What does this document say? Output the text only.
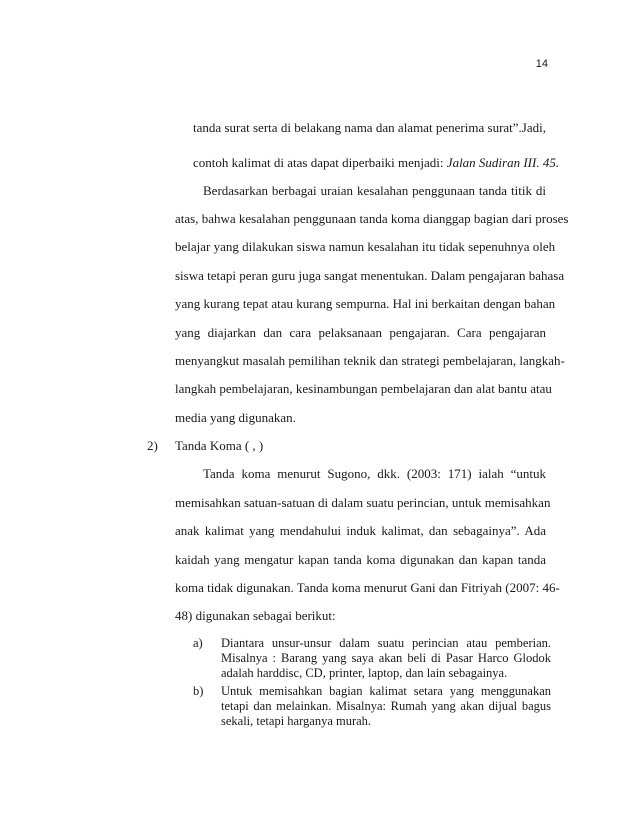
14
tanda surat serta di belakang nama dan alamat penerima surat”.Jadi,
contoh kalimat di atas dapat diperbaiki menjadi: Jalan Sudiran III. 45.
Berdasarkan berbagai uraian kesalahan penggunaan tanda titik di
atas, bahwa kesalahan penggunaan tanda koma dianggap bagian dari proses
belajar yang dilakukan siswa namun kesalahan itu tidak sepenuhnya oleh
siswa tetapi peran guru juga sangat menentukan. Dalam pengajaran bahasa
yang kurang tepat atau kurang sempurna. Hal ini berkaitan dengan bahan
yang diajarkan dan cara pelaksanaan pengajaran. Cara pengajaran
menyangkut masalah pemilihan teknik dan strategi pembelajaran, langkah-
langkah pembelajaran, kesinambungan pembelajaran dan alat bantu atau
media yang digunakan.
2) Tanda Koma ( , )
Tanda koma menurut Sugono, dkk. (2003: 171) ialah “untuk
memisahkan satuan-satuan di dalam suatu perincian, untuk memisahkan
anak kalimat yang mendahului induk kalimat, dan sebagainya”. Ada
kaidah yang mengatur kapan tanda koma digunakan dan kapan tanda
koma tidak digunakan. Tanda koma menurut Gani dan Fitriyah (2007: 46-
48) digunakan sebagai berikut:
a) Diantara unsur-unsur dalam suatu perincian atau pemberian.
Misalnya : Barang yang saya akan beli di Pasar Harco Glodok
adalah harddisc, CD, printer, laptop, dan lain sebagainya.
b) Untuk memisahkan bagian kalimat setara yang menggunakan
tetapi dan melainkan. Misalnya: Rumah yang akan dijual bagus
sekali, tetapi harganya murah.
